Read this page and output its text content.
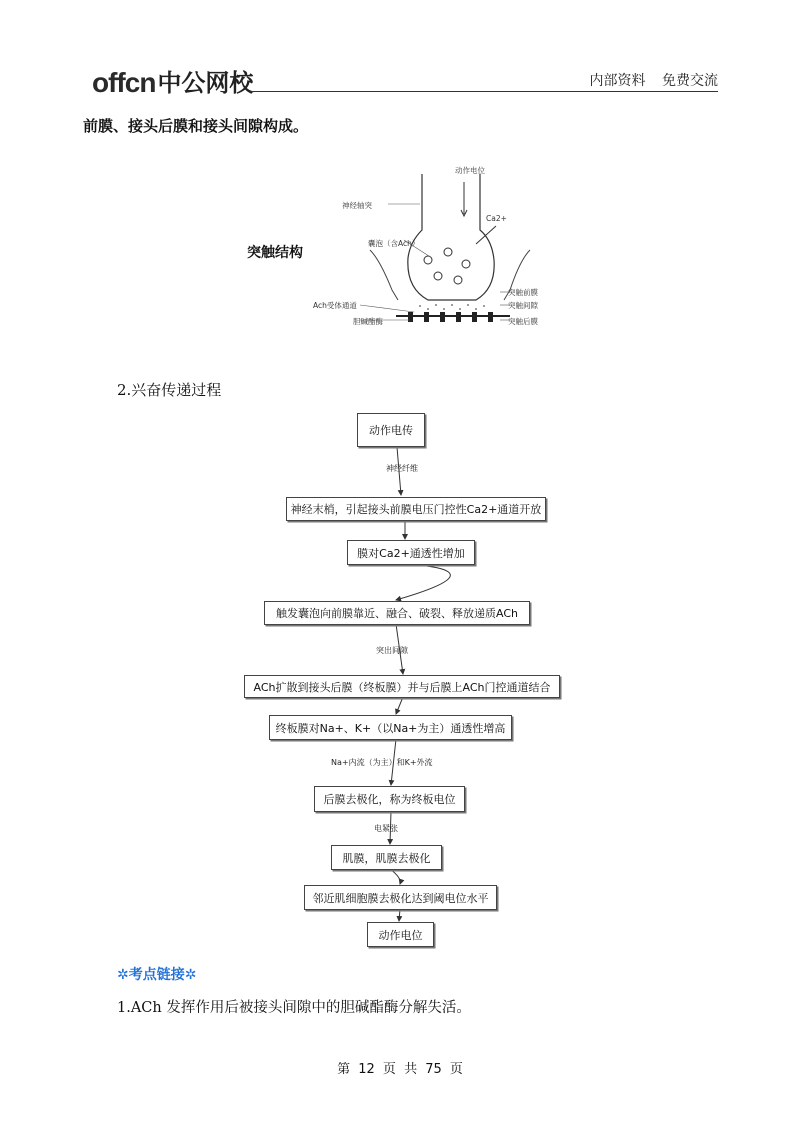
offcn 中公网校	内部资料 免费交流
前膜、接头后膜和接头间隙构成。
突触结构
动作电位
神经轴突
Ca2+
囊泡（含Ach）
Ach受体通道
胆碱酯酶
突触前膜
突触间隙
突触后膜
2.兴奋传递过程
动作电传
神经纤维
神经末梢，引起接头前膜电压门控性Ca2+通道开放
膜对Ca2+通透性增加
触发囊泡向前膜靠近、融合、破裂、释放递质ACh
突出间隙
ACh扩散到接头后膜（终板膜）并与后膜上ACh门控通道结合
终板膜对Na+、K+（以Na+为主）通透性增高
Na+内流（为主）和K+外流
后膜去极化，称为终板电位
电紧张
肌膜，肌膜去极化
邻近肌细胞膜去极化达到阈电位水平
动作电位
✲考点链接✲
1.ACh 发挥作用后被接头间隙中的胆碱酯酶分解失活。
第 12 页 共 75 页
